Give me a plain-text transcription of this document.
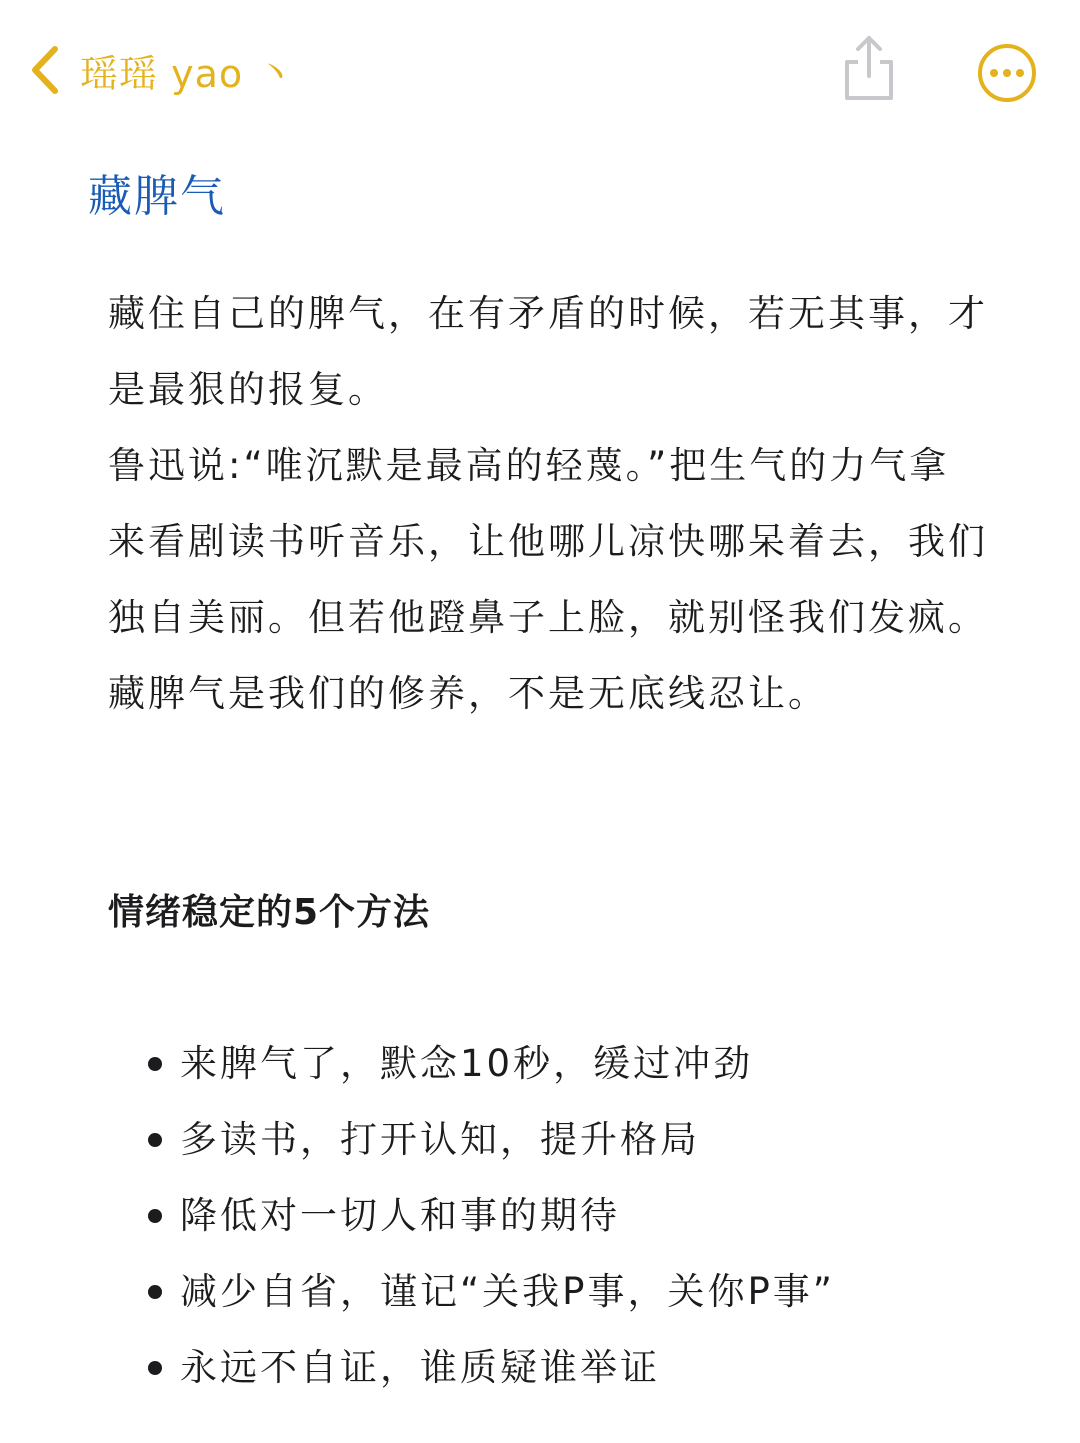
瑶瑶 yao 丶
藏脾气

藏住自己的脾气，在有矛盾的时候，若无其事，才是最狠的报复。

鲁迅说:“唯沉默是最高的轻蔑。”把生气的力气拿来看剧读书听音乐，让他哪儿凉快哪呆着去，我们独自美丽。但若他蹬鼻子上脸，就别怪我们发疯。

藏脾气是我们的修养，不是无底线忍让。

情绪稳定的5个方法
来脾气了，默念10秒，缓过冲劲
多读书，打开认知，提升格局
降低对一切人和事的期待
减少自省，谨记“关我P事，关你P事”
永远不自证，谁质疑谁举证
